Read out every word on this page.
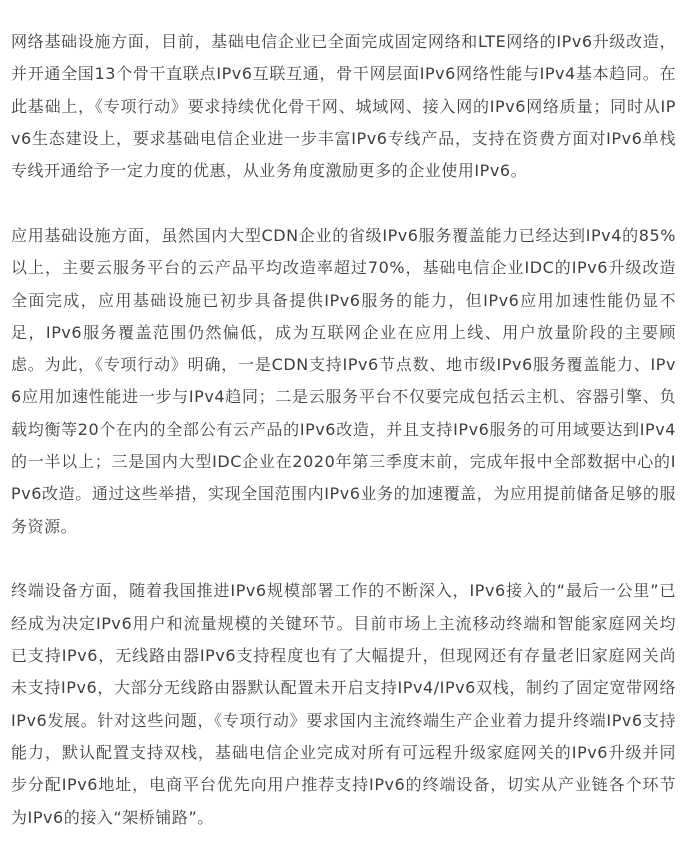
网络基础设施方面，目前，基础电信企业已全面完成固定网络和LTE网络的IPv6升级改造，并开通全国13个骨干直联点IPv6互联互通，骨干网层面IPv6网络性能与IPv4基本趋同。在此基础上，《专项行动》要求持续优化骨干网、城域网、接入网的IPv6网络质量；同时从IPv6生态建设上，要求基础电信企业进一步丰富IPv6专线产品，支持在资费方面对IPv6单栈专线开通给予一定力度的优惠，从业务角度激励更多的企业使用IPv6。

应用基础设施方面，虽然国内大型CDN企业的省级IPv6服务覆盖能力已经达到IPv4的85%以上，主要云服务平台的云产品平均改造率超过70%，基础电信企业IDC的IPv6升级改造全面完成，应用基础设施已初步具备提供IPv6服务的能力，但IPv6应用加速性能仍显不足，IPv6服务覆盖范围仍然偏低，成为互联网企业在应用上线、用户放量阶段的主要顾虑。为此，《专项行动》明确，一是CDN支持IPv6节点数、地市级IPv6服务覆盖能力、IPv6应用加速性能进一步与IPv4趋同；二是云服务平台不仅要完成包括云主机、容器引擎、负载均衡等20个在内的全部公有云产品的IPv6改造，并且支持IPv6服务的可用域要达到IPv4的一半以上；三是国内大型IDC企业在2020年第三季度末前，完成年报中全部数据中心的IPv6改造。通过这些举措，实现全国范围内IPv6业务的加速覆盖，为应用提前储备足够的服务资源。

终端设备方面，随着我国推进IPv6规模部署工作的不断深入，IPv6接入的“最后一公里”已经成为决定IPv6用户和流量规模的关键环节。目前市场上主流移动终端和智能家庭网关均已支持IPv6，无线路由器IPv6支持程度也有了大幅提升，但现网还有存量老旧家庭网关尚未支持IPv6，大部分无线路由器默认配置未开启支持IPv4/IPv6双栈，制约了固定宽带网络IPv6发展。针对这些问题，《专项行动》要求国内主流终端生产企业着力提升终端IPv6支持能力，默认配置支持双栈，基础电信企业完成对所有可远程升级家庭网关的IPv6升级并同步分配IPv6地址，电商平台优先向用户推荐支持IPv6的终端设备，切实从产业链各个环节为IPv6的接入“架桥铺路”。
